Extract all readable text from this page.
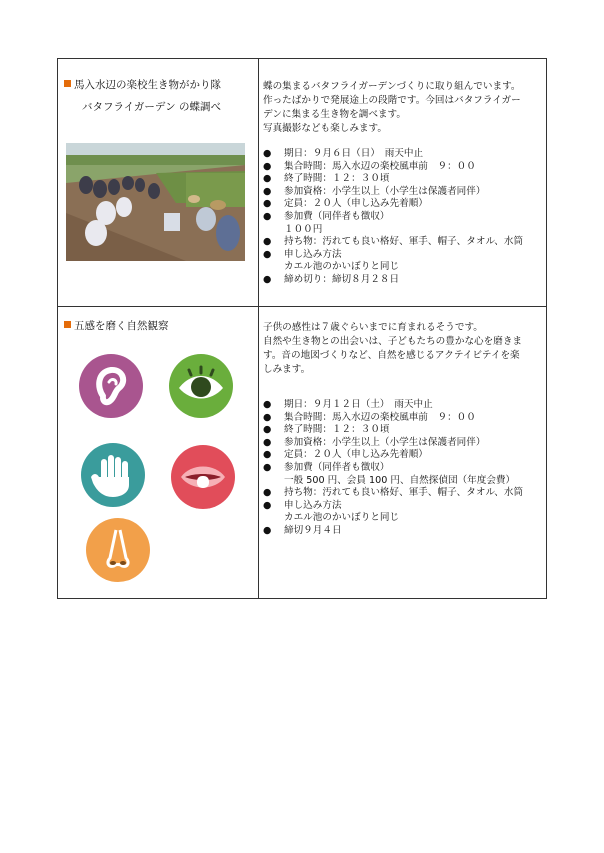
馬入水辺の楽校生き物がかり隊
バタフライガーデン の蝶調べ
蝶の集まるバタフライガーデンづくりに取り組んでいます。
作ったばかりで発展途上の段階です。今回はバタフライガー
デンに集まる生き物を調べます。
写真撮影なども楽しみます。
● 期日：９月６日（日）　雨天中止
● 集合時間：馬入水辺の楽校風車前　９：００
● 終了時間：１２：３０頃
● 参加資格：小学生以上（小学生は保護者同伴）
● 定員：２０人（申し込み先着順）
● 参加費（同伴者も徴収）
１００円
● 持ち物：汚れても良い格好、軍手、帽子、タオル、水筒
● 申し込み方法
カエル池のかいぼりと同じ
● 締め切り：締切８月２８日
五感を磨く自然観察	子供の感性は７歳ぐらいまでに育まれるそうです。
自然や生き物との出会いは、子どもたちの豊かな心を磨きま
す。音の地図づくりなど、自然を感じるアクテイビテイを楽
しみます。
● 期日：９月１２日（土）　雨天中止
● 集合時間：馬入水辺の楽校風車前　９：００
● 終了時間：１２：３０頃
● 参加資格：小学生以上（小学生は保護者同伴）
● 定員：２０人（申し込み先着順）
● 参加費（同伴者も徴収）
一般 500 円、会員 100 円、自然探偵団（年度会費）
● 持ち物：汚れても良い格好、軍手、帽子、タオル、水筒
● 申し込み方法
カエル池のかいぼりと同じ
● 締切９月４日
